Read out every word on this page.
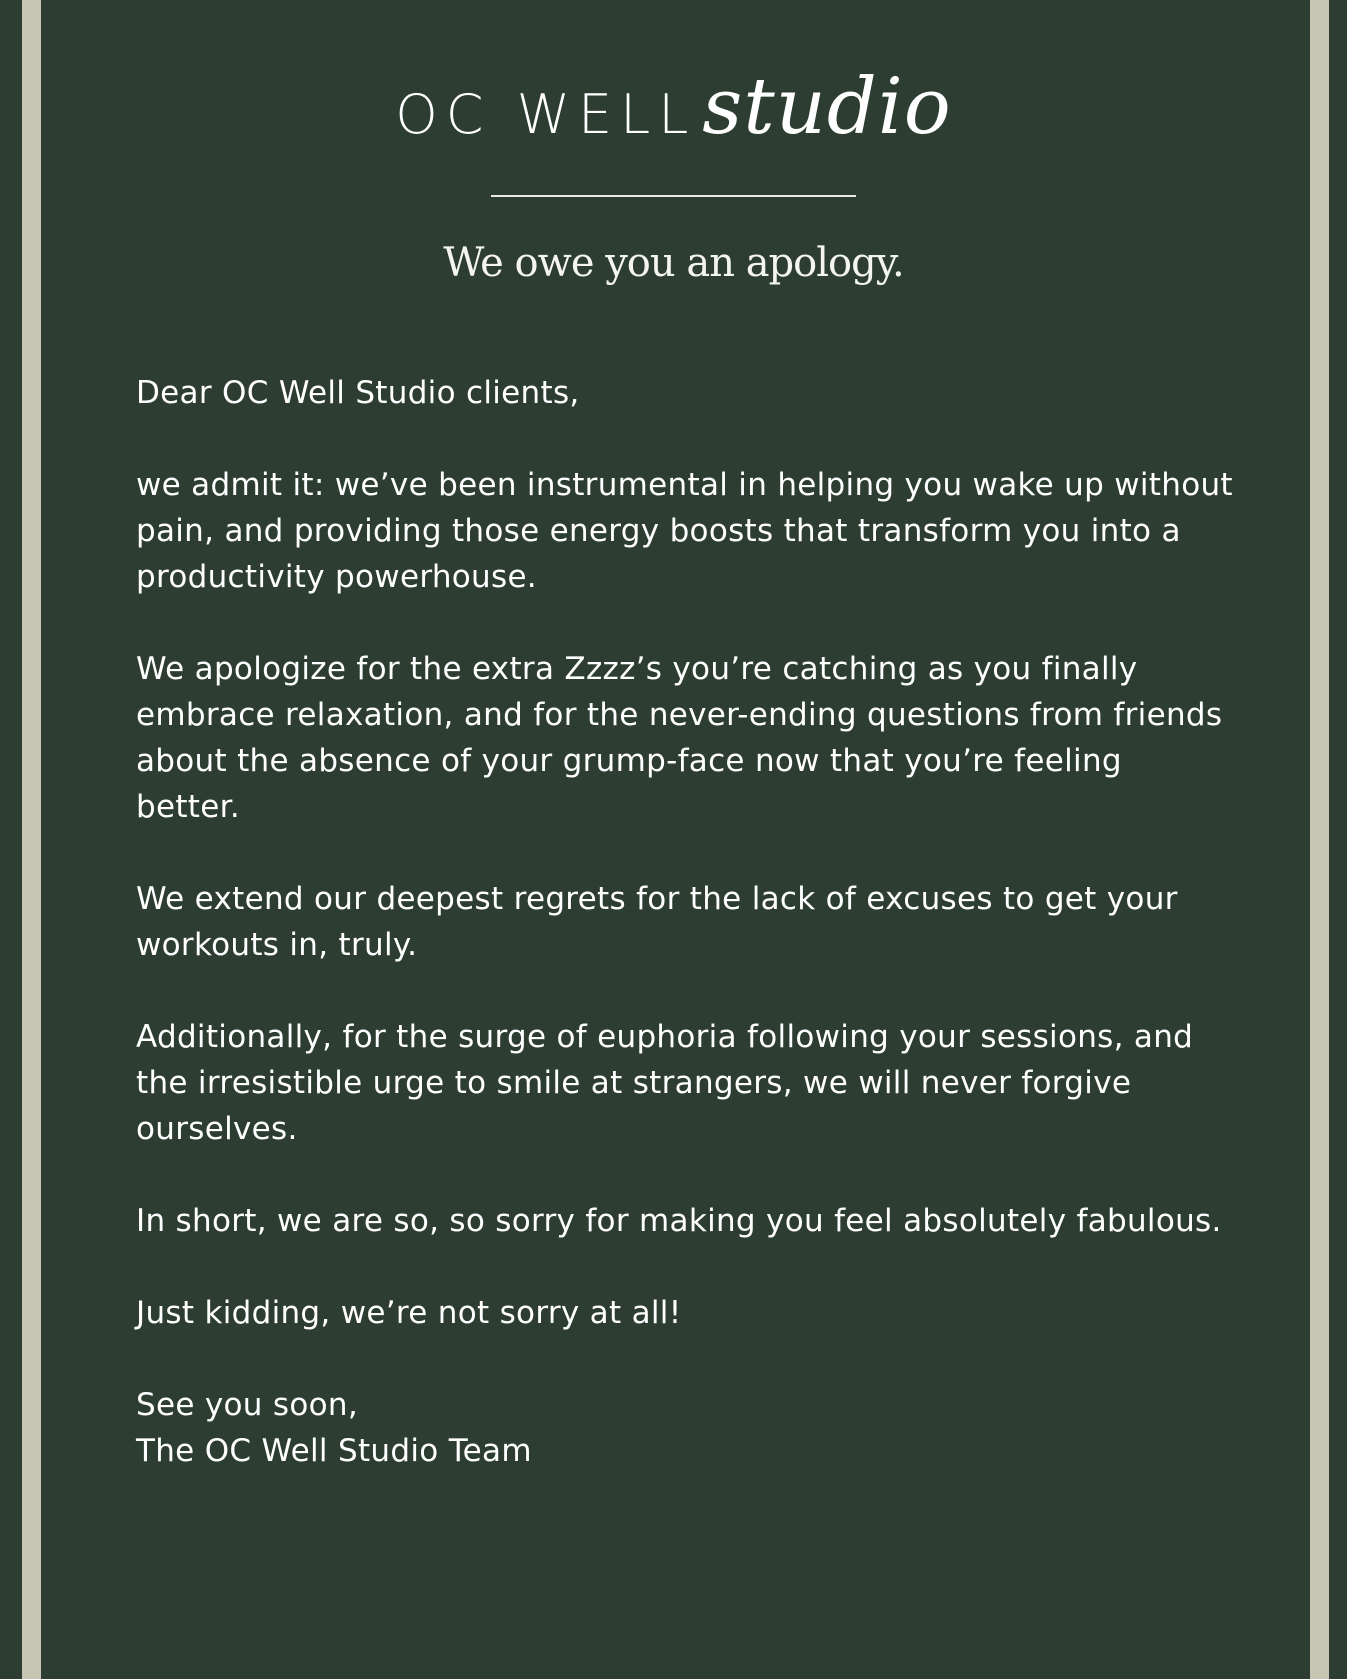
OC WELLstudio
We owe you an apology.

Dear OC Well Studio clients,

we admit it: we’ve been instrumental in helping you wake up without pain, and providing those energy boosts that transform you into a productivity powerhouse.

We apologize for the extra Zzzz’s you’re catching as you finally embrace relaxation, and for the never-ending questions from friends about the absence of your grump-face now that you’re feeling better.

We extend our deepest regrets for the lack of excuses to get your workouts in, truly.

Additionally, for the surge of euphoria following your sessions, and the irresistible urge to smile at strangers, we will never forgive ourselves.

In short, we are so, so sorry for making you feel absolutely fabulous.

Just kidding, we’re not sorry at all!

See you soon,

The OC Well Studio Team
